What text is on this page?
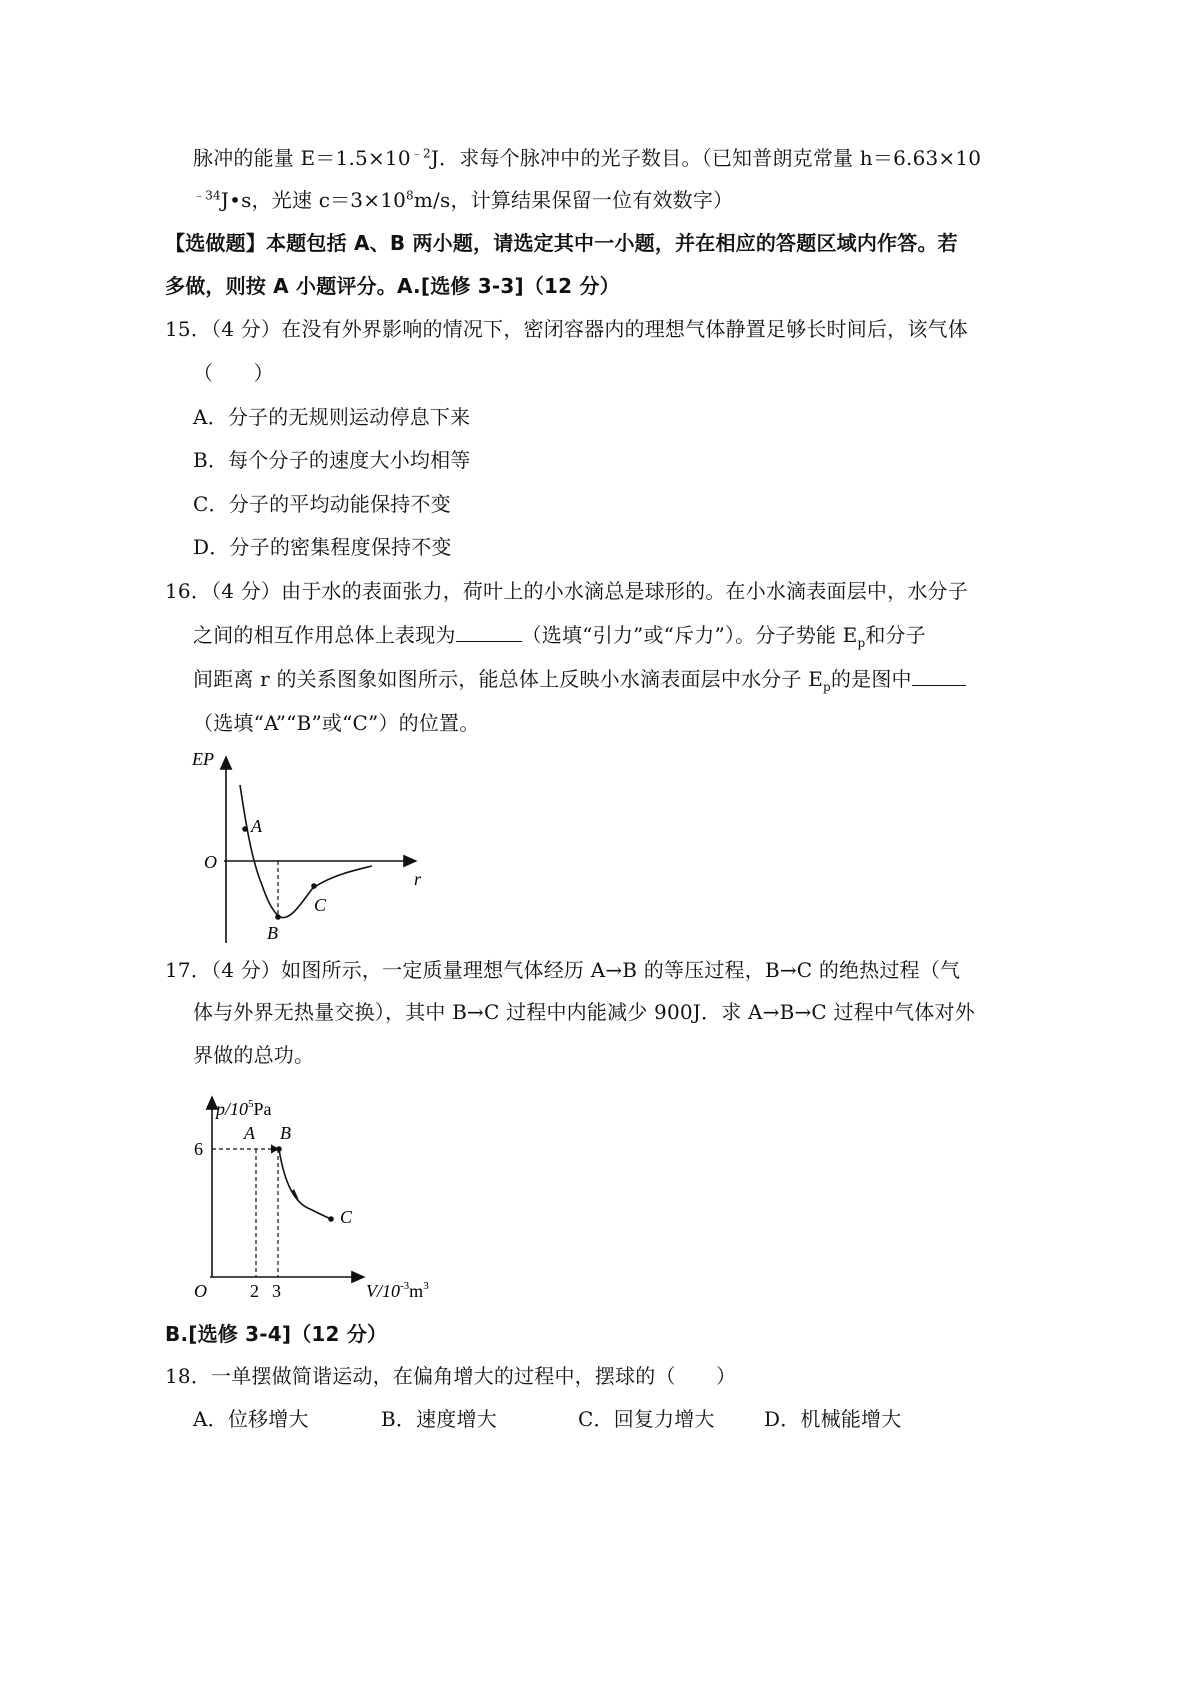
脉冲的能量 $E=1.5\times 10^{﹣2}J$．求每个脉冲中的光子数目。（已知普朗克常量 h＝6.63×10
$^{﹣34}$J•s，光速 $c=3\times 10^8m/s$，计算结果保留一位有效数字）
【选做题】本题包括 A、B 两小题，请选定其中一小题，并在相应的答题区域内作答。若
多做，则按 A 小题评分。A.[选修 3-3]（12 分）
15．（4 分）在没有外界影响的情况下，密闭容器内的理想气体静置足够长时间后，该气体
（　　）
A．分子的无规则运动停息下来
B．每个分子的速度大小均相等
C．分子的平均动能保持不变
D．分子的密集程度保持不变
16．（4 分）由于水的表面张力，荷叶上的小水滴总是球形的。在小水滴表面层中，水分子
之间的相互作用总体上表现为	（选填“引力”或“斥力”）。分子势能 $E_p$和分子
间距离 r 的关系图象如图所示，能总体上反映小水滴表面层中水分子 $E_p$的是图中
（选填“A”“B”或“C”）的位置。
EP
r
O
A
B
C
17．（4 分）如图所示，一定质量理想气体经历 A→B 的等压过程，B→C 的绝热过程（气
体与外界无热量交换），其中 B→C 过程中内能减少 900J．求 A→B→C 过程中气体对外
界做的总功。
$p/10^5Pa$
A B
C
6
O 2 3	$V/10^{-3}m^3$
B.[选修 3-4]（12 分）
18．一单摆做简谐运动，在偏角增大的过程中，摆球的（　　）
A．位移增大	B．速度增大	C．回复力增大 D．机械能增大
